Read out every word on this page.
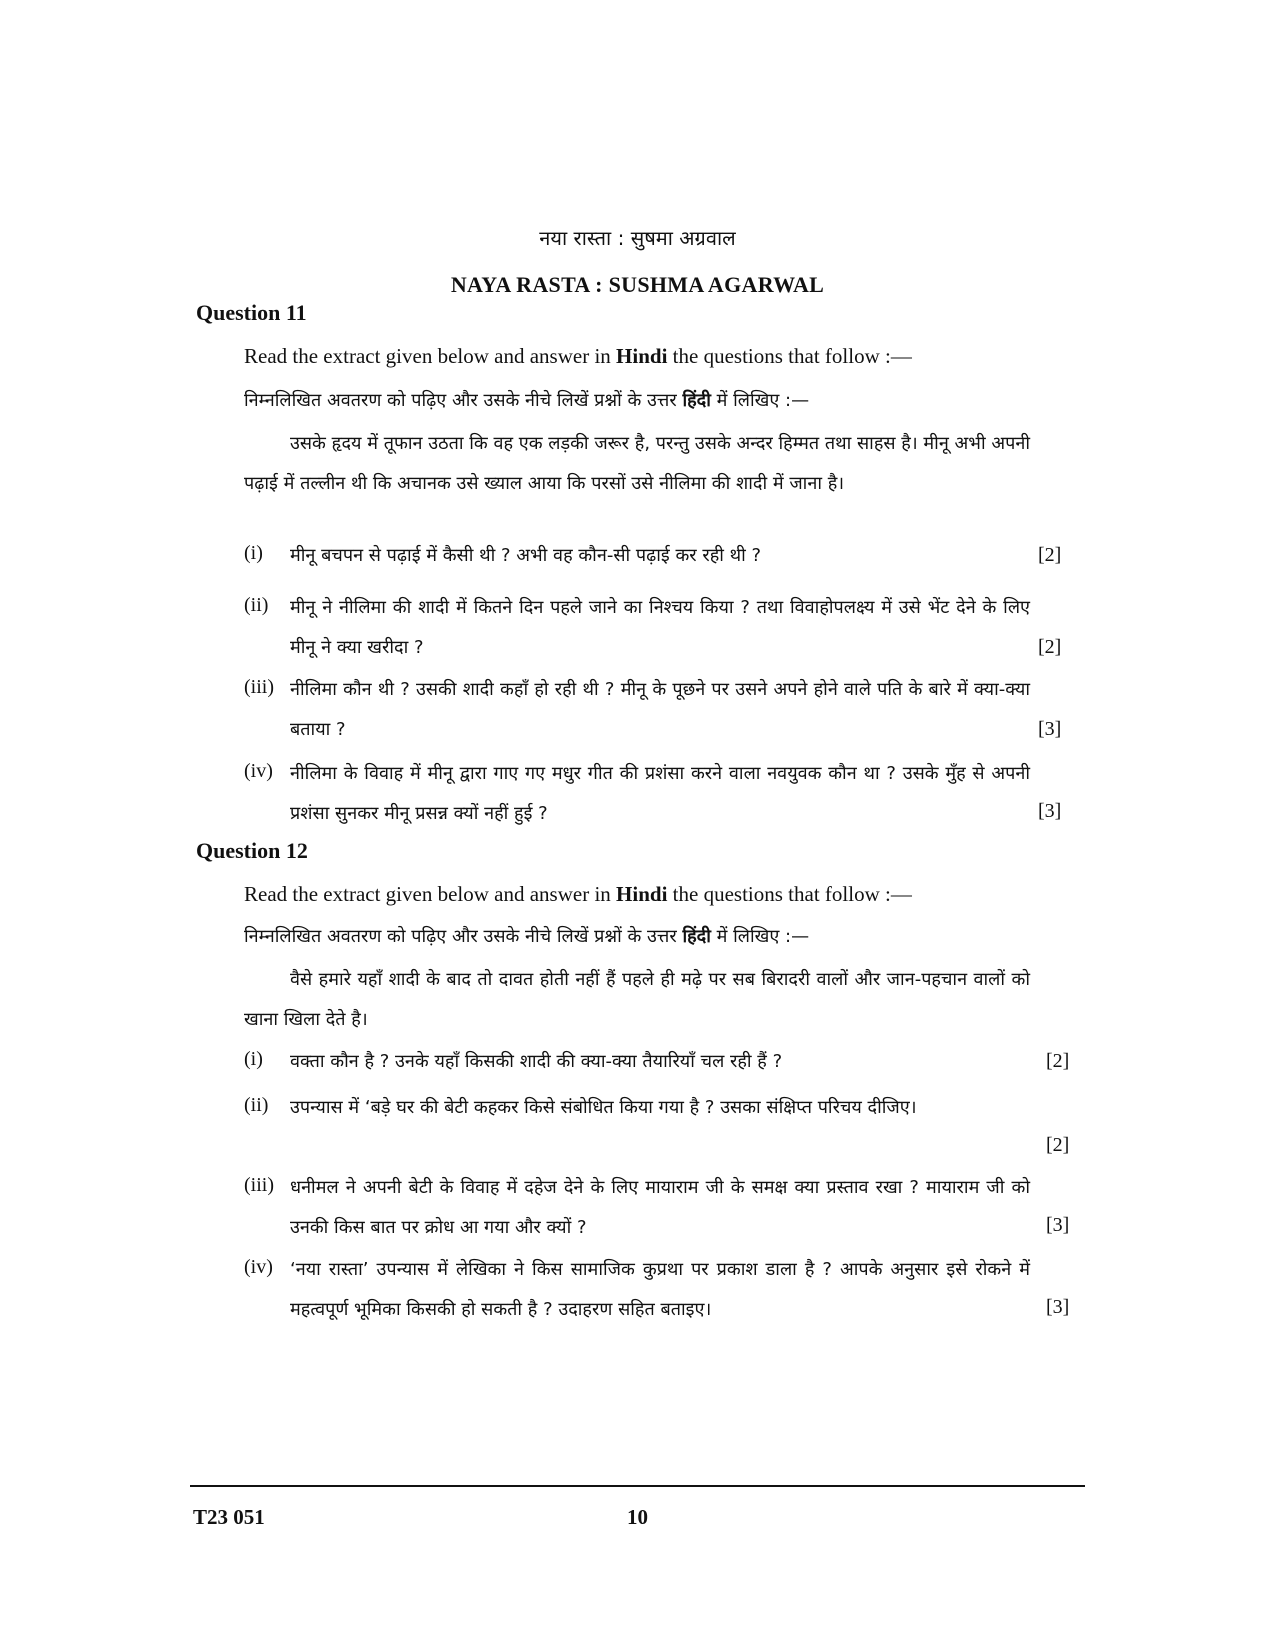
नया रास्ता : सुषमा अग्रवाल
NAYA RASTA : SUSHMA AGARWAL
Question 11
Read the extract given below and answer in Hindi the questions that follow :—
निम्नलिखित अवतरण को पढ़िए और उसके नीचे लिखें प्रश्नों के उत्तर हिंदी में लिखिए :—
उसके हृदय में तूफान उठता कि वह एक लड़की जरूर है, परन्तु उसके अन्दर हिम्मत तथा साहस है। मीनू अभी अपनी पढ़ाई में तल्लीन थी कि अचानक उसे ख्याल आया कि परसों उसे नीलिमा की शादी में जाना है।
(i) मीनू बचपन से पढ़ाई में कैसी थी ? अभी वह कौन-सी पढ़ाई कर रही थी ?	[2]
(ii) मीनू ने नीलिमा की शादी में कितने दिन पहले जाने का निश्चय किया ? तथा विवाहोपलक्ष्य में उसे भेंट देने के लिए मीनू ने क्या खरीदा ?	[2]
(iii) नीलिमा कौन थी ? उसकी शादी कहाँ हो रही थी ? मीनू के पूछने पर उसने अपने होने वाले पति के बारे में क्या-क्या बताया ?	[3]
(iv) नीलिमा के विवाह में मीनू द्वारा गाए गए मधुर गीत की प्रशंसा करने वाला नवयुवक कौन था ? उसके मुँह से अपनी प्रशंसा सुनकर मीनू प्रसन्न क्यों नहीं हुई ?	[3]
Question 12
Read the extract given below and answer in Hindi the questions that follow :—
निम्नलिखित अवतरण को पढ़िए और उसके नीचे लिखें प्रश्नों के उत्तर हिंदी में लिखिए :—
वैसे हमारे यहाँ शादी के बाद तो दावत होती नहीं हैं पहले ही मढ़े पर सब बिरादरी वालों और जान-पहचान वालों को खाना खिला देते है।
(i) वक्ता कौन है ? उनके यहाँ किसकी शादी की क्या-क्या तैयारियाँ चल रही हैं ?	[2]
(ii) उपन्यास में ‘बड़े घर की बेटी कहकर किसे संबोधित किया गया है ? उसका संक्षिप्त परिचय दीजिए।
[2]
(iii) धनीमल ने अपनी बेटी के विवाह में दहेज देने के लिए मायाराम जी के समक्ष क्या प्रस्ताव रखा ? मायाराम जी को उनकी किस बात पर क्रोध आ गया और क्यों ?	[3]
(iv) ‘नया रास्ता’ उपन्यास में लेखिका ने किस सामाजिक कुप्रथा पर प्रकाश डाला है ? आपके अनुसार इसे रोकने में महत्वपूर्ण भूमिका किसकी हो सकती है ? उदाहरण सहित बताइए।	[3]
T23 051	10
